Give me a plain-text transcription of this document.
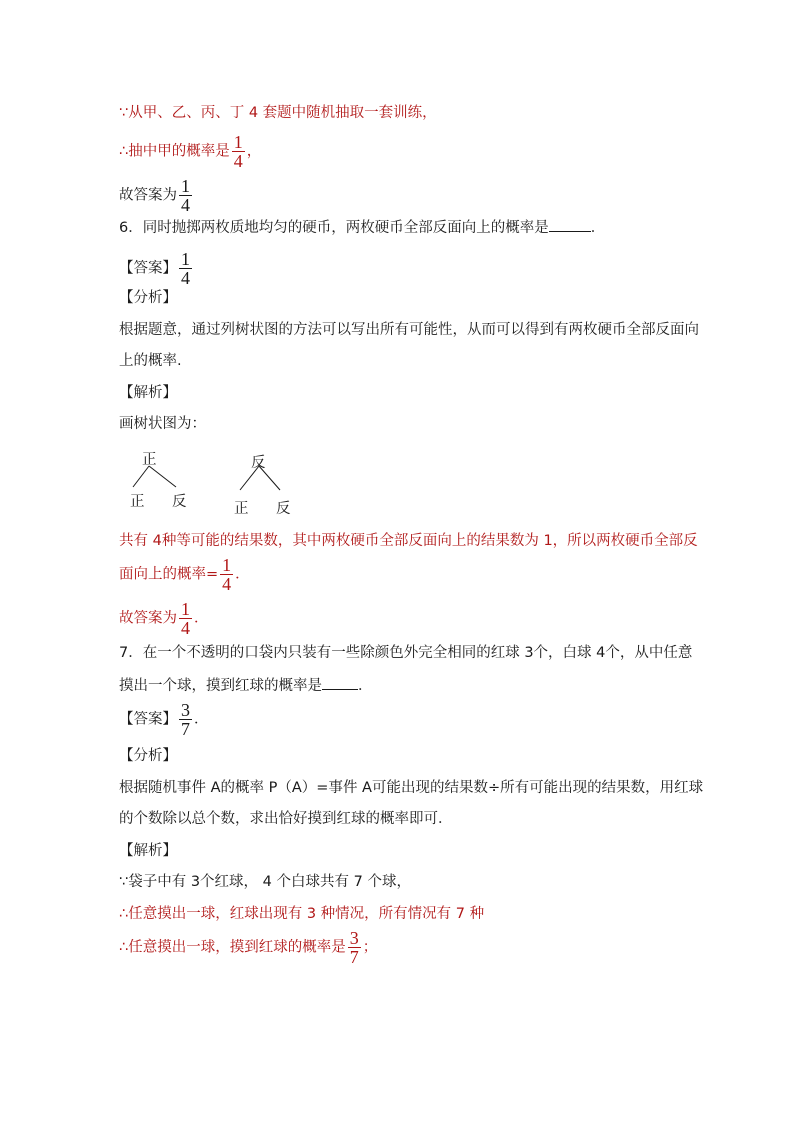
∵从甲、乙、丙、丁 4 套题中随机抽取一套训练，
∴抽中甲的概率是 $\frac{1}{4}$ ，
故答案为 $\frac{1}{4}$
6．同时抛掷两枚质地均匀的硬币，两枚硬币全部反面向上的概率是	．
【答案】 $\frac{1}{4}$
【分析】
根据题意，通过列树状图的方法可以写出所有可能性，从而可以得到有两枚硬币全部反面向
上的概率.
【解析】
画树状图为：
正
正 反
反
正 反
共有 4种等可能的结果数，其中两枚硬币全部反面向上的结果数为 1，所以两枚硬币全部反
面向上的概率= $\frac{1}{4}$ ．
故答案为 $\frac{1}{4}$ ．
7．在一个不透明的口袋内只装有一些除颜色外完全相同的红球 3个，白球 4个，从中任意
摸出一个球，摸到红球的概率是 ．
【答案】 $\frac{3}{7}$ ．
【分析】
根据随机事件 A的概率 P（A）=事件 A可能出现的结果数÷所有可能出现的结果数，用红球
的个数除以总个数，求出恰好摸到红球的概率即可．
【解析】
∵袋子中有 3个红球， 4 个白球共有 7 个球，
∴任意摸出一球，红球出现有 3 种情况，所有情况有 7 种
∴任意摸出一球，摸到红球的概率是 $\frac{3}{7}$ ；
